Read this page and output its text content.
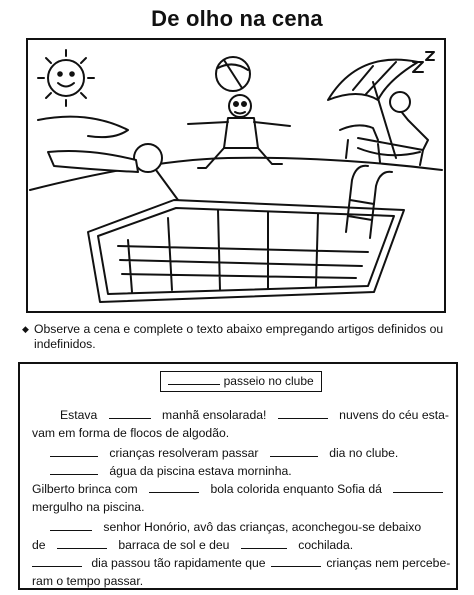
De olho na cena
◆ Observe a cena e complete o texto abaixo empregando artigos definidos ou indefinidos.
passeio no clube
Estava	manhã ensolarada!	nuvens do céu esta-
vam em forma de flocos de algodão.
crianças resolveram passar	dia no clube.
água da piscina estava morninha.
Gilberto brinca com	bola colorida enquanto Sofia dá
mergulho na piscina.
senhor Honório, avô das crianças, aconchegou-se debaixo
de	barraca de sol e deu	cochilada.
dia passou tão rapidamente que	crianças nem percebe-
ram o tempo passar.
